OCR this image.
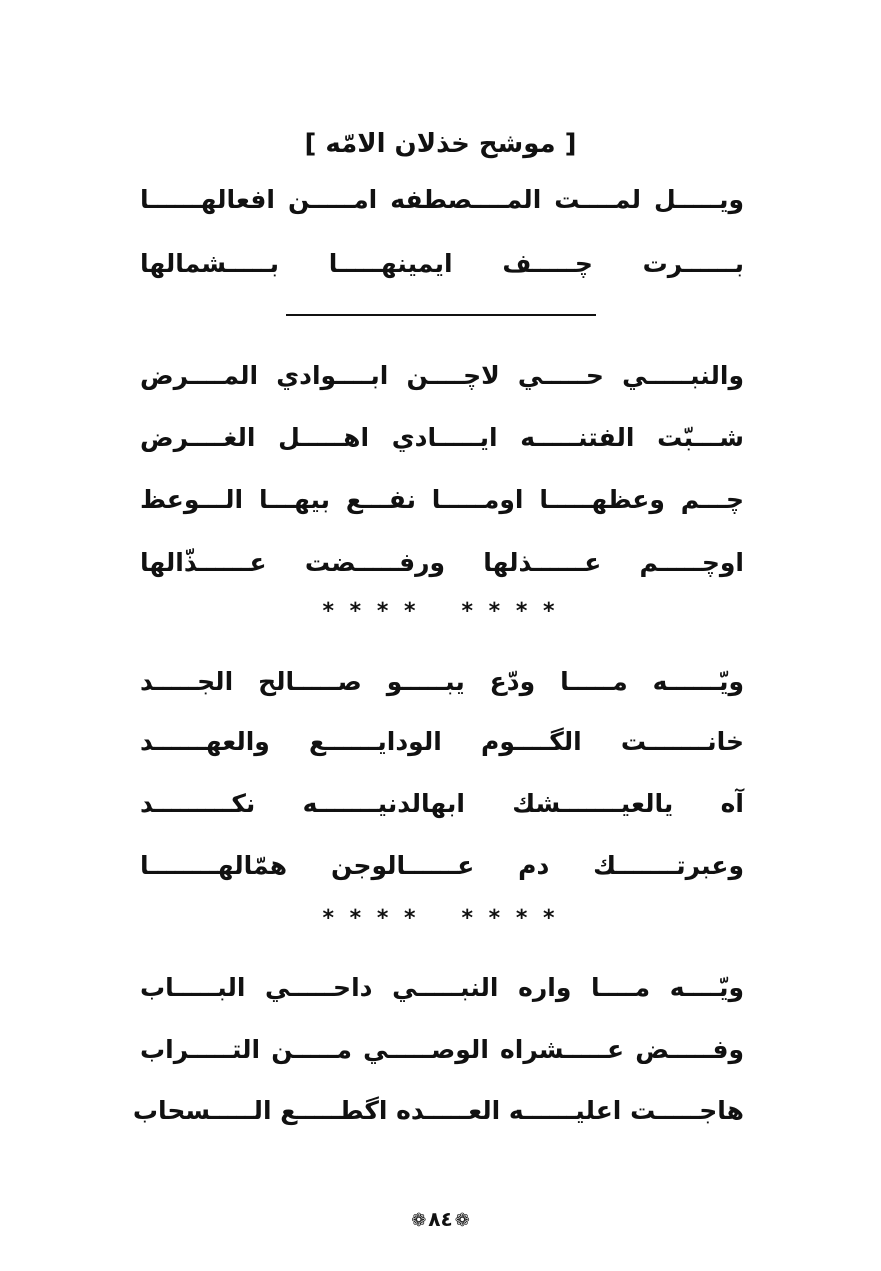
[ موشح خذلان الامّه ]
ويـــــل لمــــت المــــصطفه امـــــن افعالهــــــا
بــــــرت چـــــف ايمينهـــــا بـــــشمالها
والنبـــــي حـــــي لاچــــن ابــــوادي المــــرض
شـــبّت الفتنـــــه ايـــــادي اهـــــل الغــــرض
چـــم وعظهـــــا اومـــــا نفـــع بيهـــا الـــوعظ
اوچـــــم عــــــذلها ورفـــــضت عــــــذّالها
* * * * * * * *
ويّــــــه مـــــا ودّع يبـــــو صـــــالح الجـــــد
خانـــــــت الگــــوم الودايــــــع والعهــــــد
آه يالعيـــــــشك ابهالدنيـــــــه نكـــــــــد
وعبرتـــــــك دم عــــــالوجن همّالهــــــــا
* * * * * * * *
ويّــــه مــــا واره النبـــــي داحـــــي البـــــاب
وفـــــض عـــــشراه الوصـــــي مـــــن التـــــراب
هاجـــــت اعليــــــه العـــــده اگطـــــع الـــــسحاب
❁٨٤❁
